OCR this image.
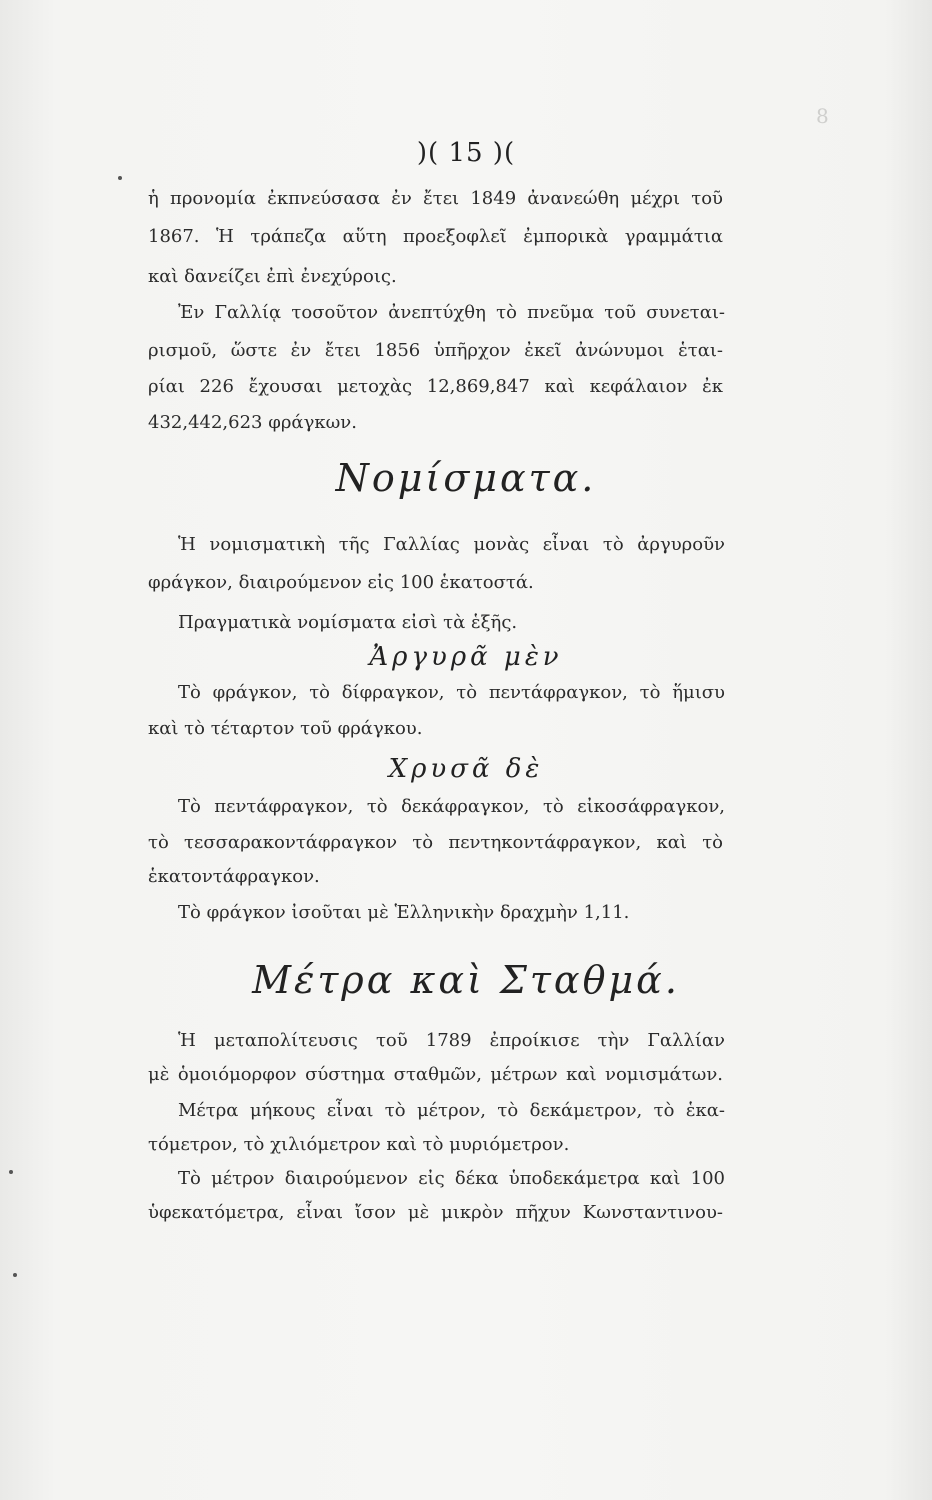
8
)( 15 )(
ἡ προνομία ἐκπνεύσασα ἐν ἔτει 1849 ἀνανεώθη μέχρι τοῦ
1867. Ἡ τράπεζα αὕτη προεξοφλεῖ ἐμπορικὰ γραμμάτια
καὶ δανείζει ἐπὶ ἐνεχύροις.
Ἐν Γαλλίᾳ τοσοῦτον ἀνεπτύχθη τὸ πνεῦμα τοῦ συνεται-
ρισμοῦ, ὥστε ἐν ἔτει 1856 ὑπῆρχον ἐκεῖ ἀνώνυμοι ἑται-
ρίαι 226 ἔχουσαι μετοχὰς 12,869,847 καὶ κεφάλαιον ἐκ
432,442,623 φράγκων.
Ἡ νομισματικὴ τῆς Γαλλίας μονὰς εἶναι τὸ ἀργυροῦν
φράγκον, διαιρούμενον εἰς 100 ἑκατοστά.
Πραγματικὰ νομίσματα εἰσὶ τὰ ἑξῆς.
Τὸ φράγκον, τὸ δίφραγκον, τὸ πεντάφραγκον, τὸ ἥμισυ
καὶ τὸ τέταρτον τοῦ φράγκου.
Τὸ πεντάφραγκον, τὸ δεκάφραγκον, τὸ εἰκοσάφραγκον,
τὸ τεσσαρακοντάφραγκον τὸ πεντηκοντάφραγκον, καὶ τὸ
ἑκατοντάφραγκον.
Τὸ φράγκον ἰσοῦται μὲ Ἑλληνικὴν δραχμὴν 1,11.
Ἡ μεταπολίτευσις τοῦ 1789 ἐπροίκισε τὴν Γαλλίαν
μὲ ὁμοιόμορφον σύστημα σταθμῶν, μέτρων καὶ νομισμάτων.
Μέτρα μήκους εἶναι τὸ μέτρον, τὸ δεκάμετρον, τὸ ἑκα-
τόμετρον, τὸ χιλιόμετρον καὶ τὸ μυριόμετρον.
Τὸ μέτρον διαιρούμενον εἰς δέκα ὑποδεκάμετρα καὶ 100
ὑφεκατόμετρα, εἶναι ἴσον μὲ μικρὸν πῆχυν Κωνσταντινου-
Νομίσματα.
Ἀργυρᾶ μὲν
Χρυσᾶ δὲ
Μέτρα καὶ Σταθμά.
